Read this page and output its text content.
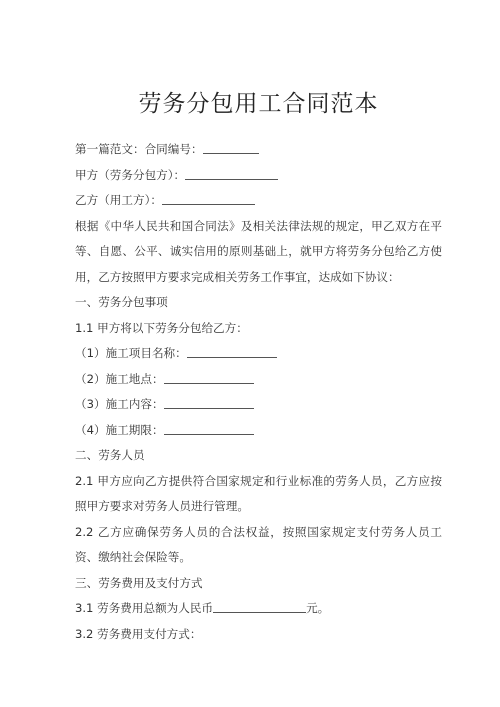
劳务分包用工合同范本

第一篇范文：合同编号：

甲方（劳务分包方）：

乙方（用工方）：

根据《中华人民共和国合同法》及相关法律法规的规定，甲乙双方在平等、自愿、公平、诚实信用的原则基础上，就甲方将劳务分包给乙方使用，乙方按照甲方要求完成相关劳务工作事宜，达成如下协议：

一、劳务分包事项

1.1 甲方将以下劳务分包给乙方：

（1）施工项目名称：

（2）施工地点：

（3）施工内容：

（4）施工期限：

二、劳务人员

2.1 甲方应向乙方提供符合国家规定和行业标准的劳务人员，乙方应按照甲方要求对劳务人员进行管理。

2.2 乙方应确保劳务人员的合法权益，按照国家规定支付劳务人员工资、缴纳社会保险等。

三、劳务费用及支付方式

3.1 劳务费用总额为人民币	元。

3.2 劳务费用支付方式：
